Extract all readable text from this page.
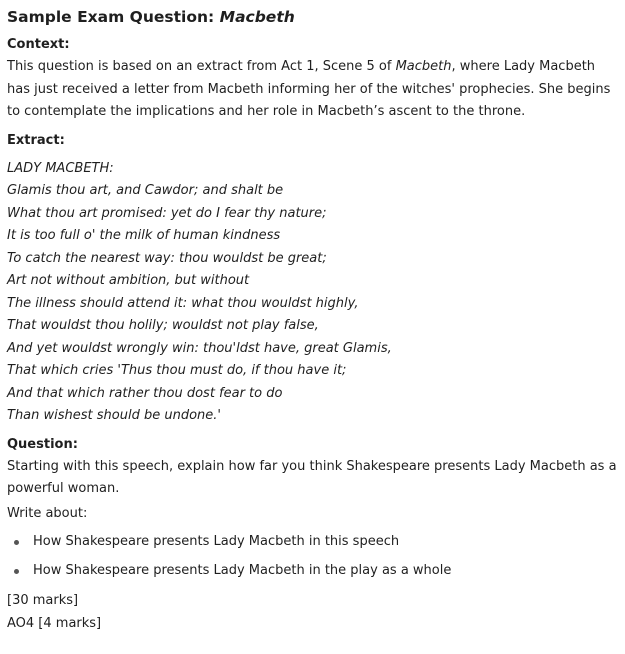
Sample Exam Question: Macbeth
Context:

This question is based on an extract from Act 1, Scene 5 of Macbeth, where Lady Macbeth has just received a letter from Macbeth informing her of the witches' prophecies. She begins to contemplate the implications and her role in Macbeth’s ascent to the throne.

Extract:
LADY MACBETH:
Glamis thou art, and Cawdor; and shalt be
What thou art promised: yet do I fear thy nature;
It is too full o' the milk of human kindness
To catch the nearest way: thou wouldst be great;
Art not without ambition, but without
The illness should attend it: what thou wouldst highly,
That wouldst thou holily; wouldst not play false,
And yet wouldst wrongly win: thou'ldst have, great Glamis,
That which cries 'Thus thou must do, if thou have it;
And that which rather thou dost fear to do
Than wishest should be undone.'
Question:

Starting with this speech, explain how far you think Shakespeare presents Lady Macbeth as a powerful woman.

Write about:

How Shakespeare presents Lady Macbeth in this speech
How Shakespeare presents Lady Macbeth in the play as a whole

[30 marks]

AO4 [4 marks]
